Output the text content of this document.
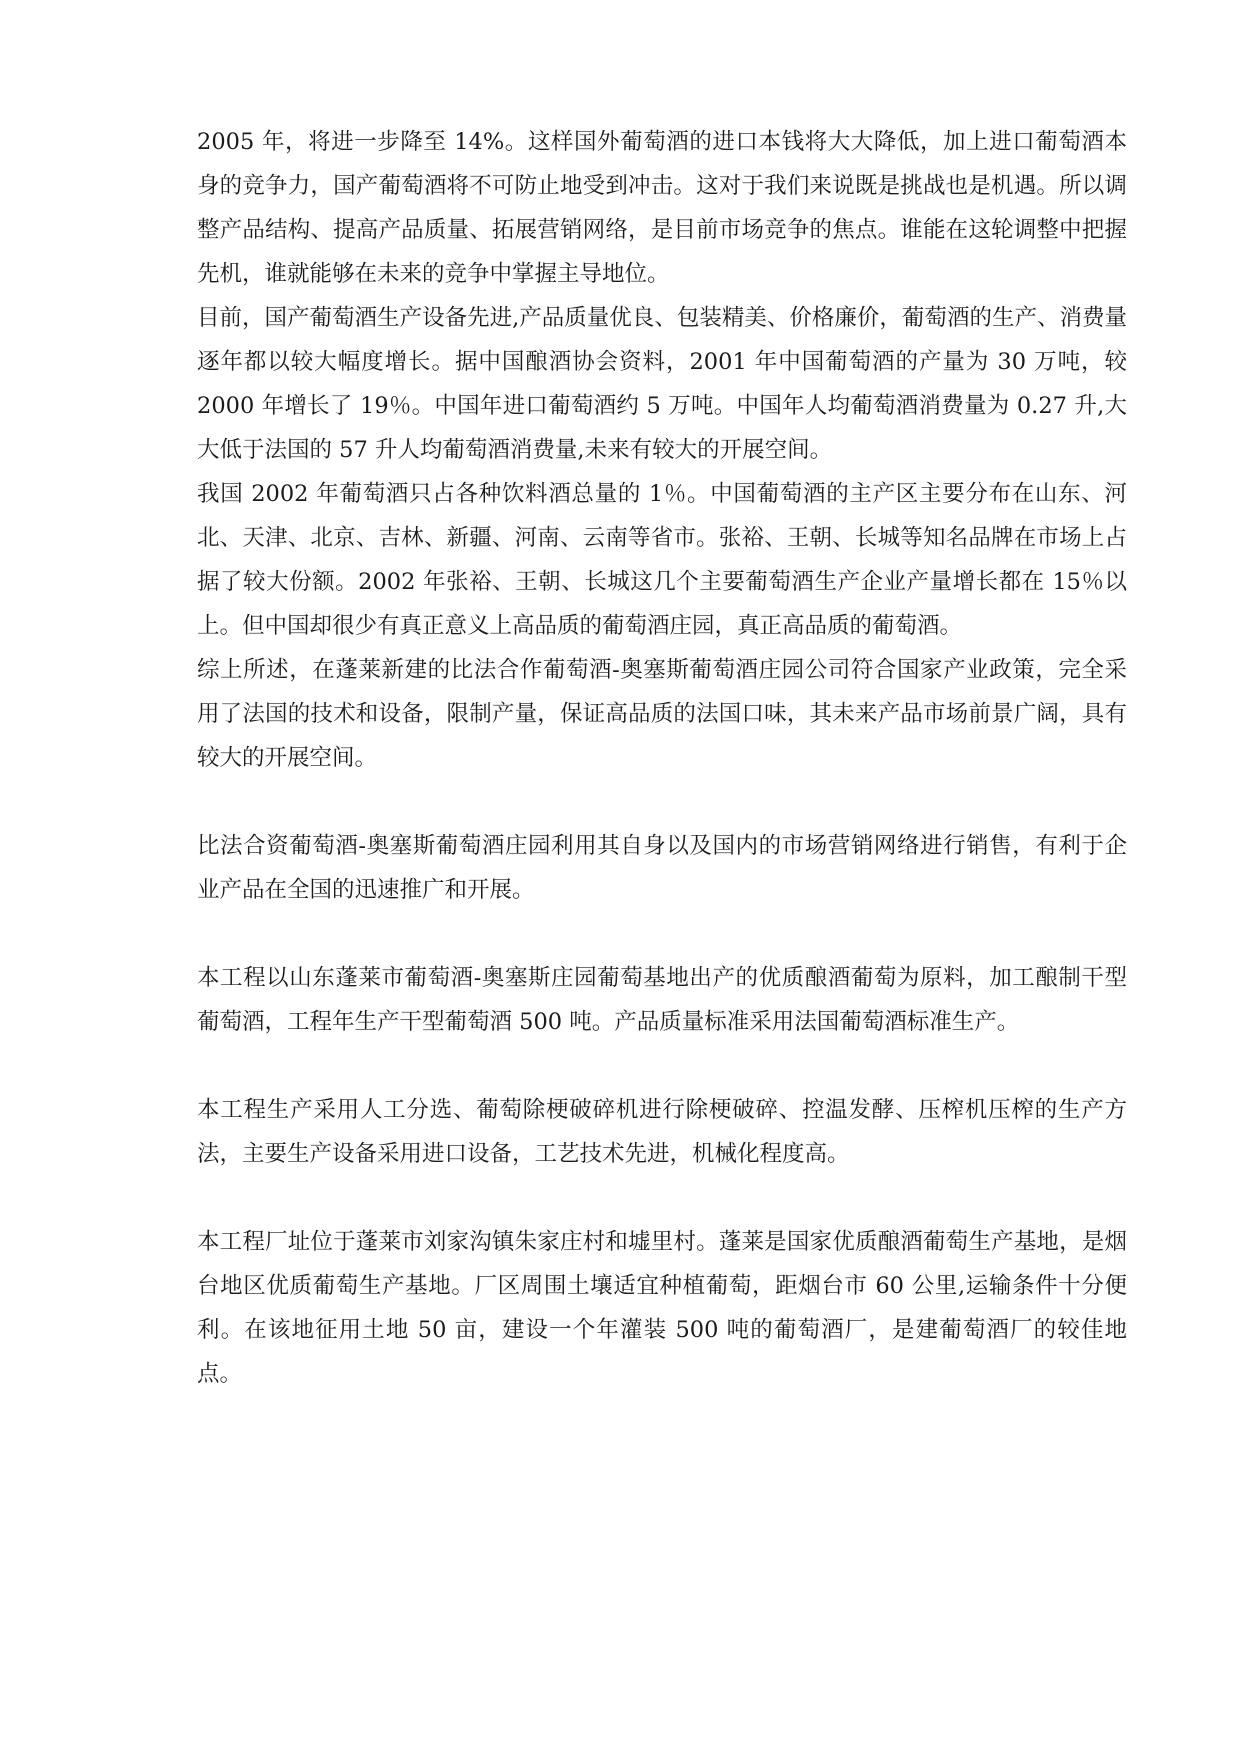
2005 年，将进一步降至 14%。这样国外葡萄酒的进口本钱将大大降低，加上进口葡萄酒本身的竞争力，国产葡萄酒将不可防止地受到冲击。这对于我们来说既是挑战也是机遇。所以调整产品结构、提高产品质量、拓展营销网络，是目前市场竞争的焦点。谁能在这轮调整中把握先机，谁就能够在未来的竞争中掌握主导地位。

目前，国产葡萄酒生产设备先进,产品质量优良、包装精美、价格廉价，葡萄酒的生产、消费量逐年都以较大幅度增长。据中国酿酒协会资料，2001 年中国葡萄酒的产量为 30 万吨，较 2000 年增长了 19％。中国年进口葡萄酒约 5 万吨。中国年人均葡萄酒消费量为 0.27 升,大大低于法国的 57 升人均葡萄酒消费量,未来有较大的开展空间。

我国 2002 年葡萄酒只占各种饮料酒总量的 1％。中国葡萄酒的主产区主要分布在山东、河北、天津、北京、吉林、新疆、河南、云南等省市。张裕、王朝、长城等知名品牌在市场上占据了较大份额。2002 年张裕、王朝、长城这几个主要葡萄酒生产企业产量增长都在 15％以上。但中国却很少有真正意义上高品质的葡萄酒庄园，真正高品质的葡萄酒。

综上所述，在蓬莱新建的比法合作葡萄酒-奥塞斯葡萄酒庄园公司符合国家产业政策，完全采用了法国的技术和设备，限制产量，保证高品质的法国口味，其未来产品市场前景广阔，具有较大的开展空间。

比法合资葡萄酒-奥塞斯葡萄酒庄园利用其自身以及国内的市场营销网络进行销售，有利于企业产品在全国的迅速推广和开展。

本工程以山东蓬莱市葡萄酒-奥塞斯庄园葡萄基地出产的优质酿酒葡萄为原料，加工酿制干型葡萄酒，工程年生产干型葡萄酒 500 吨。产品质量标准采用法国葡萄酒标准生产。

本工程生产采用人工分选、葡萄除梗破碎机进行除梗破碎、控温发酵、压榨机压榨的生产方法，主要生产设备采用进口设备，工艺技术先进，机械化程度高。

本工程厂址位于蓬莱市刘家沟镇朱家庄村和墟里村。蓬莱是国家优质酿酒葡萄生产基地，是烟台地区优质葡萄生产基地。厂区周围土壤适宜种植葡萄，距烟台市 60 公里,运输条件十分便利。在该地征用土地 50 亩，建设一个年灌装 500 吨的葡萄酒厂，是建葡萄酒厂的较佳地点。
